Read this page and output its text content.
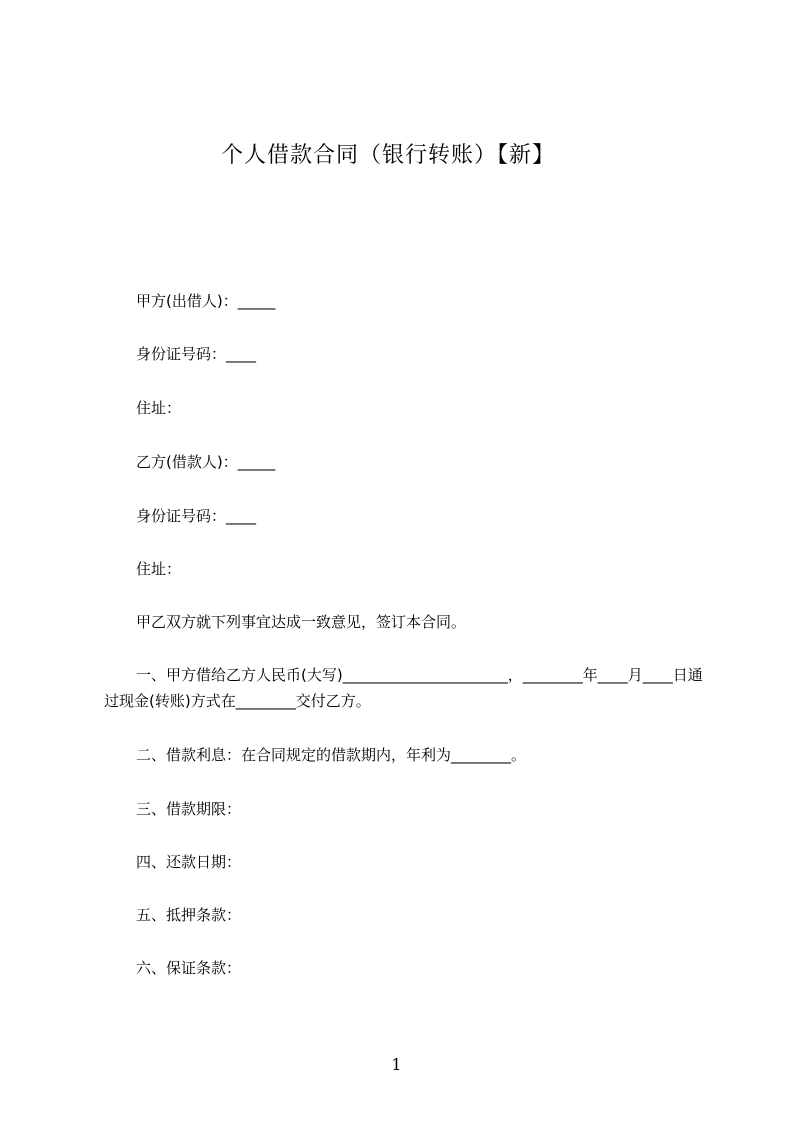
个人借款合同（银行转账）【新】

甲方(出借人)：_____

身份证号码：____

住址：

乙方(借款人)：_____

身份证号码：____

住址：

甲乙双方就下列事宜达成一致意见，签订本合同。

一、甲方借给乙方人民币(大写)______________________，________年____月____日通过现金(转账)方式在________交付乙方。

二、借款利息：在合同规定的借款期内，年利为________。

三、借款期限：

四、还款日期：

五、抵押条款：

六、保证条款：

1
